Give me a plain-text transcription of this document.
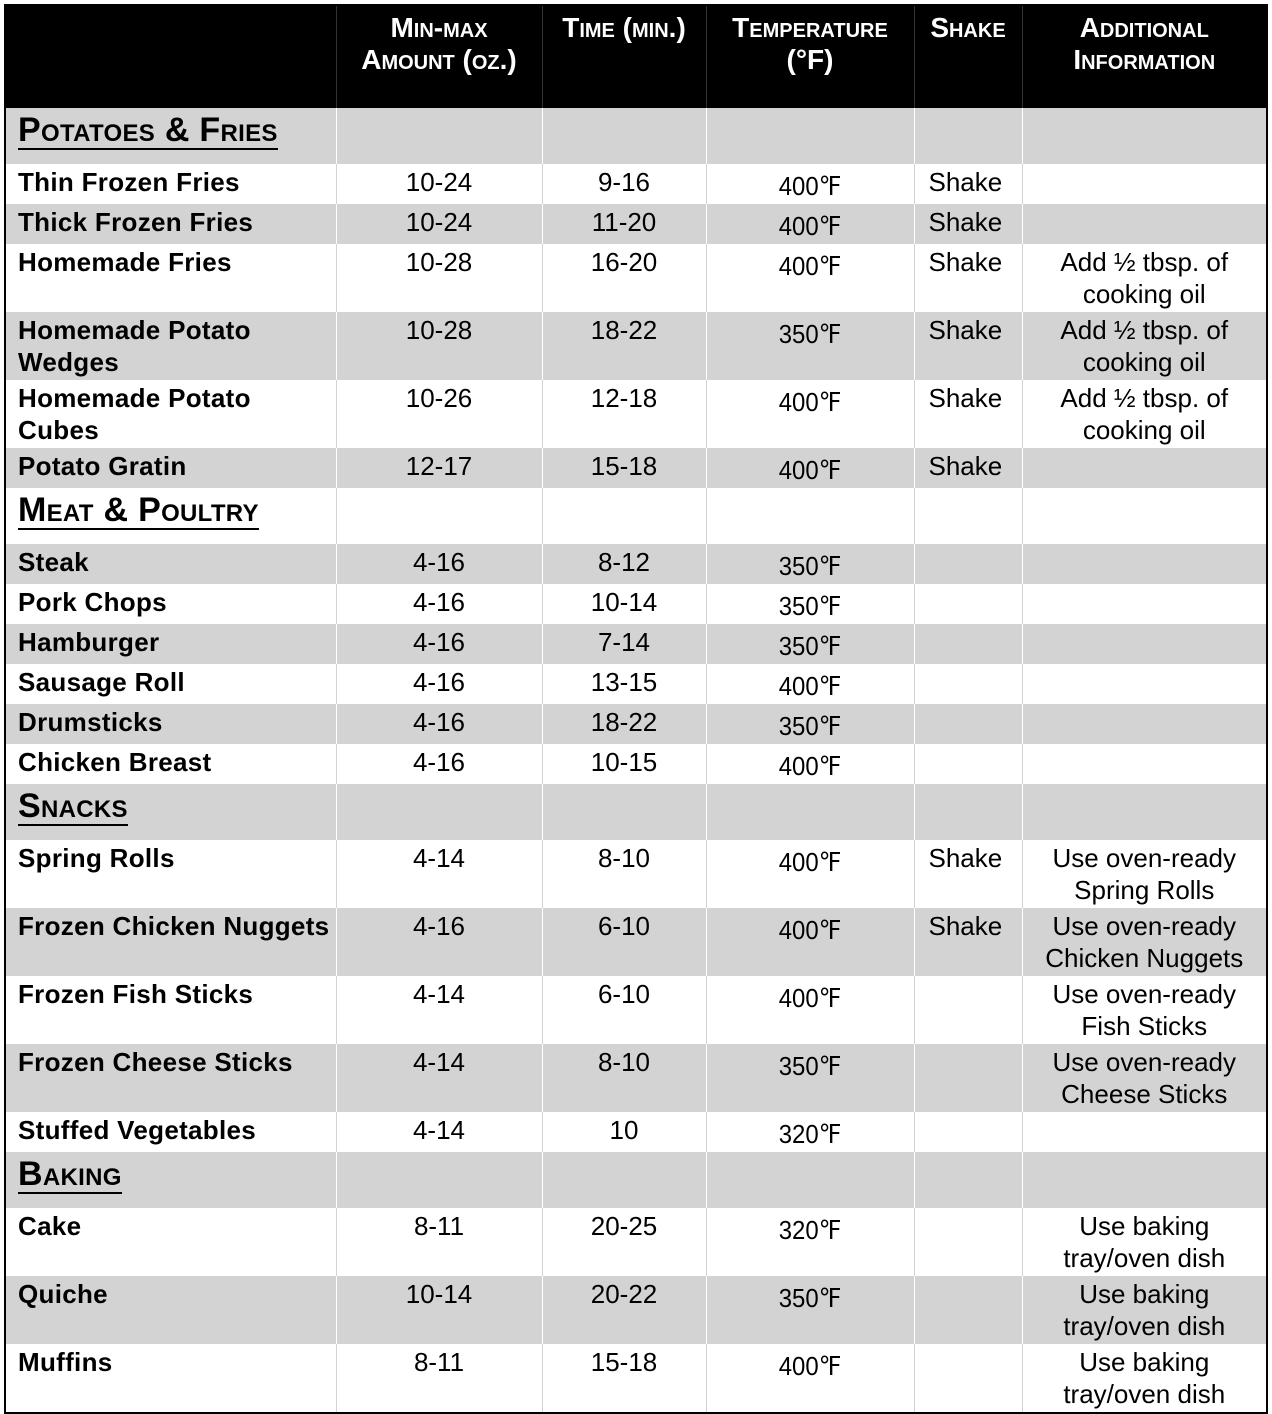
	Min-max Amount (oz.)	Time (min.)	Temperature (°F)	Shake	Additional Information
Potatoes & Fries					
Thin Frozen Fries	10-24	9-16	400℉	Shake	
Thick Frozen Fries	10-24	11-20	400℉	Shake	
Homemade Fries	10-28	16-20	400℉	Shake	Add ½ tbsp. of cooking oil
Homemade Potato Wedges	10-28	18-22	350℉	Shake	Add ½ tbsp. of cooking oil
Homemade Potato Cubes	10-26	12-18	400℉	Shake	Add ½ tbsp. of cooking oil
Potato Gratin	12-17	15-18	400℉	Shake	
Meat & Poultry					
Steak	4-16	8-12	350℉		
Pork Chops	4-16	10-14	350℉		
Hamburger	4-16	7-14	350℉		
Sausage Roll	4-16	13-15	400℉		
Drumsticks	4-16	18-22	350℉		
Chicken Breast	4-16	10-15	400℉		
Snacks					
Spring Rolls	4-14	8-10	400℉	Shake	Use oven-ready Spring Rolls
Frozen Chicken Nuggets	4-16	6-10	400℉	Shake	Use oven-ready Chicken Nuggets
Frozen Fish Sticks	4-14	6-10	400℉		Use oven-ready Fish Sticks
Frozen Cheese Sticks	4-14	8-10	350℉		Use oven-ready Cheese Sticks
Stuffed Vegetables	4-14	10	320℉		
Baking					
Cake	8-11	20-25	320℉		Use baking tray/oven dish
Quiche	10-14	20-22	350℉		Use baking tray/oven dish
Muffins	8-11	15-18	400℉		Use baking tray/oven dish
